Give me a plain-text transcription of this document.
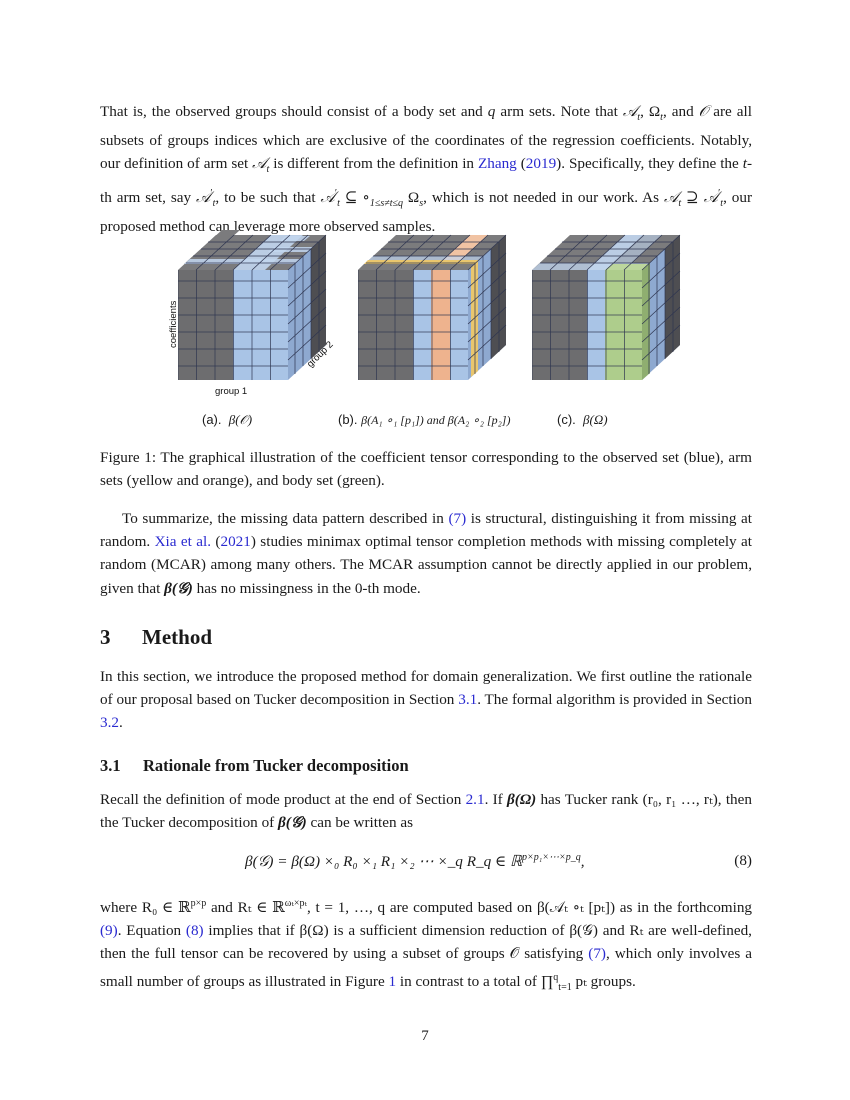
That is, the observed groups should consist of a body set and q arm sets. Note that 𝒜$_t$, $\Omega_t$, and 𝒪 are all subsets of groups indices which are exclusive of the coordinates of the regression coefficients. Notably, our definition of arm set 𝒜$_t$ is different from the definition in Zhang (2019). Specifically, they define the t-th arm set, say 𝒜′$_t$, to be such that 𝒜′$_t$ ⊆ $\circ_{1\le s\ne t\le q}$ $\Omega_s$, which is not needed in our work. As 𝒜$_t$ ⊇ 𝒜′$_t$, our proposed method can leverage more observed samples.

coefficients
group 1
group 2
(a). β(𝒪)	(b). β(A₁ ∘₁ [p₁]) and β(A₂ ∘₂ [p₂])	(c). β(Ω)

Figure 1: The graphical illustration of the coefficient tensor corresponding to the observed set (blue), arm sets (yellow and orange), and body set (green).

To summarize, the missing data pattern described in (7) is structural, distinguishing it from missing at random. Xia et al. (2021) studies minimax optimal tensor completion methods with missing completely at random (MCAR) among many others. The MCAR assumption cannot be directly applied in our problem, given that β(𝒢) has no missingness in the 0-th mode.

3 Method

In this section, we introduce the proposed method for domain generalization. We first outline the rationale of our proposal based on Tucker decomposition in Section 3.1. The formal algorithm is provided in Section 3.2.

3.1 Rationale from Tucker decomposition

Recall the definition of mode product at the end of Section 2.1. If β(Ω) has Tucker rank (r₀, r₁ …, rₜ), then the Tucker decomposition of β(𝒢) can be written as

β(𝒢) = β(Ω) ×₀ R₀ ×₁ R₁ ×₂ ⋯ ×_q R_q ∈ ℝ$^{p\times p_1\times\cdots\times p\_q}$,	(8)

where R₀ ∈ ℝ$^{p\times p}$ and Rₜ ∈ ℝ$^{\omega_t\times p_t}$, t = 1, …, q are computed based on β(𝒜ₜ ∘ₜ [pₜ]) as in the forthcoming (9). Equation (8) implies that if β(Ω) is a sufficient dimension reduction of β(𝒢) and Rₜ are well-defined, then the full tensor can be recovered by using a subset of groups 𝒪 satisfying (7), which only involves a small number of groups as illustrated in Figure 1 in contrast to a total of ∏$^q_{t=1}$ pₜ groups.

7
